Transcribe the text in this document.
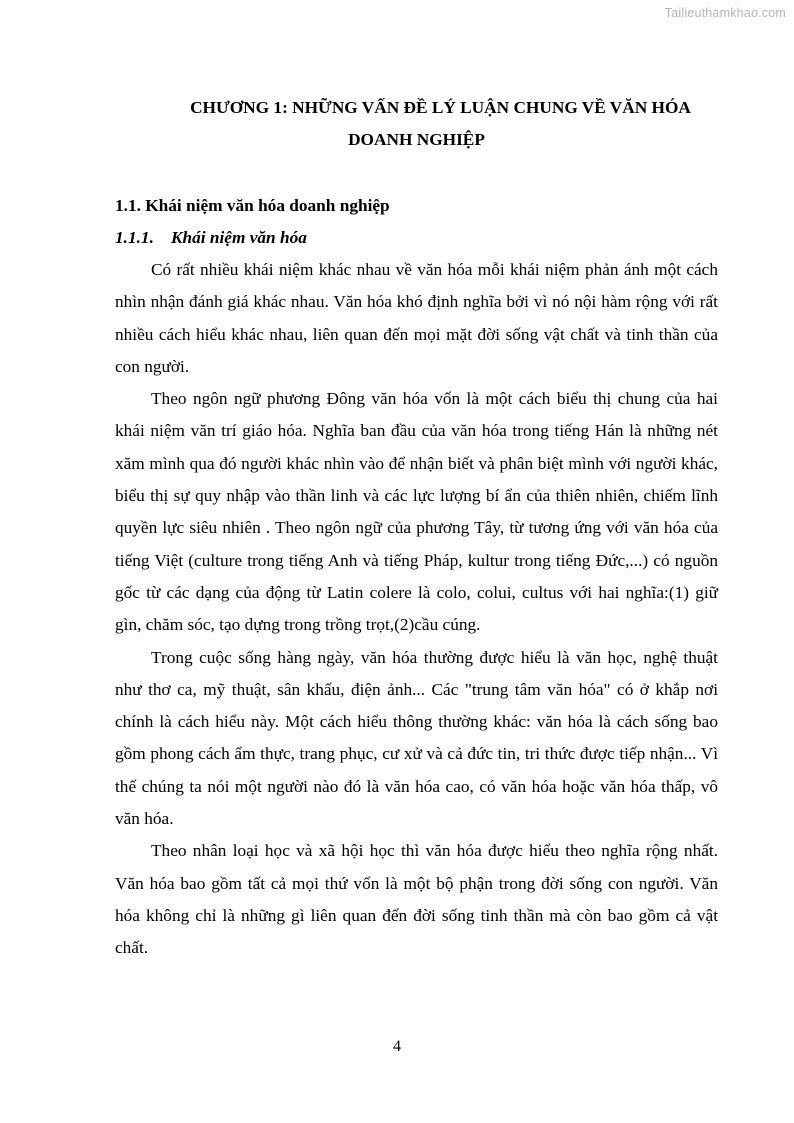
Tailieuthamkhao.com
CHƯƠNG 1: NHỮNG VẤN ĐỀ LÝ LUẬN CHUNG VỀ VĂN HÓA
DOANH NGHIỆP
1.1. Khái niệm văn hóa doanh nghiệp
1.1.1. Khái niệm văn hóa

Có rất nhiều khái niệm khác nhau về văn hóa mỗi khái niệm phản ánh một cách nhìn nhận đánh giá khác nhau. Văn hóa khó định nghĩa bởi vì nó nội hàm rộng với rất nhiều cách hiểu khác nhau, liên quan đến mọi mặt đời sống vật chất và tinh thần của con người.

Theo ngôn ngữ phương Đông văn hóa vốn là một cách biểu thị chung của hai khái niệm văn trí giáo hóa. Nghĩa ban đầu của văn hóa trong tiếng Hán là những nét xăm mình qua đó người khác nhìn vào để nhận biết và phân biệt mình với người khác, biểu thị sự quy nhập vào thần linh và các lực lượng bí ẩn của thiên nhiên, chiếm lĩnh quyền lực siêu nhiên . Theo ngôn ngữ của phương Tây, từ tương ứng với văn hóa của tiếng Việt (culture trong tiếng Anh và tiếng Pháp, kultur trong tiếng Đức,...) có nguồn gốc từ các dạng của động từ Latin colere là colo, colui, cultus với hai nghĩa:(1) giữ gìn, chăm sóc, tạo dựng trong trồng trọt,(2)cầu cúng.

Trong cuộc sống hàng ngày, văn hóa thường được hiểu là văn học, nghệ thuật như thơ ca, mỹ thuật, sân khấu, điện ảnh... Các "trung tâm văn hóa" có ở khắp nơi chính là cách hiểu này. Một cách hiểu thông thường khác: văn hóa là cách sống bao gồm phong cách ẩm thực, trang phục, cư xử và cả đức tin, tri thức được tiếp nhận... Vì thế chúng ta nói một người nào đó là văn hóa cao, có văn hóa hoặc văn hóa thấp, vô văn hóa.

Theo nhân loại học và xã hội học thì văn hóa được hiểu theo nghĩa rộng nhất. Văn hóa bao gồm tất cả mọi thứ vốn là một bộ phận trong đời sống con người. Văn hóa không chỉ là những gì liên quan đến đời sống tinh thần mà còn bao gồm cả vật chất.

4
